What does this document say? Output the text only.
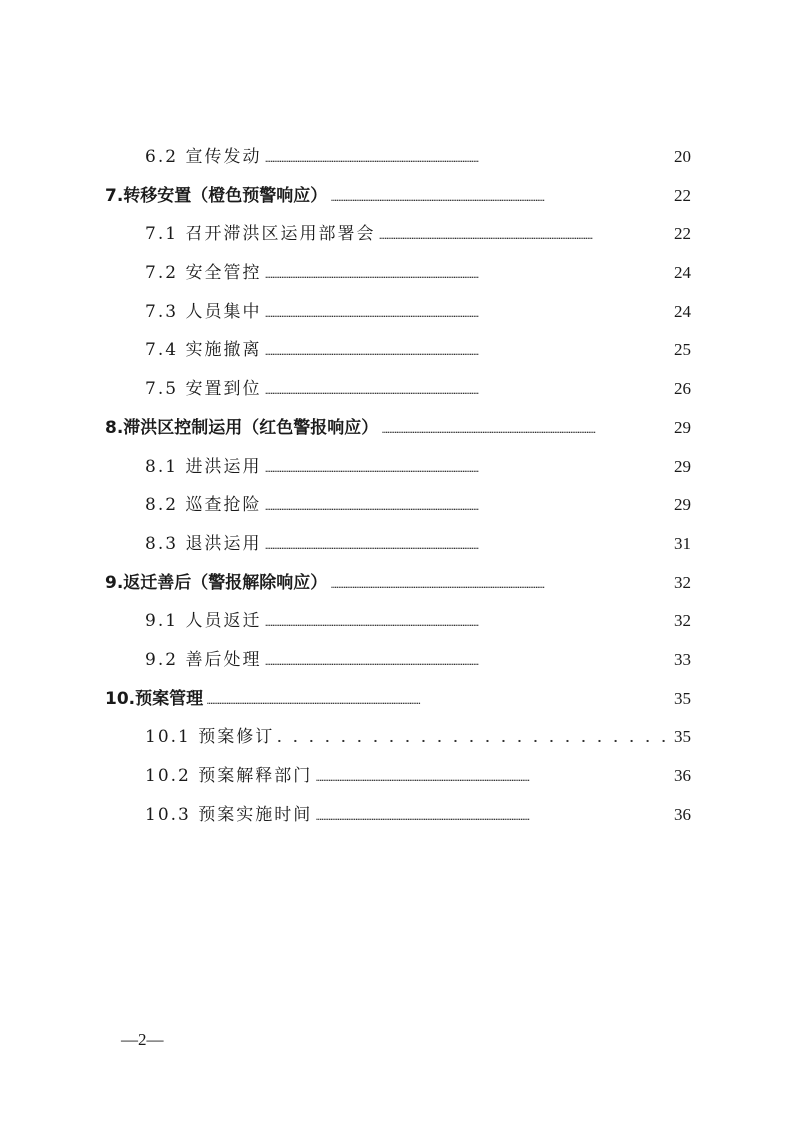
6.2 宣传发动 . . .	20
7.转移安置（橙色预警响应） . . .	22
7.1 召开滞洪区运用部署会 . . .	22
7.2 安全管控 . . .	24
7.3 人员集中 . . .	24
7.4 实施撤离 . . .	25
7.5 安置到位 . . .	26
8.滞洪区控制运用（红色警报响应） . . .	29
8.1 进洪运用 . . .	29
8.2 巡查抢险 . . .	29
8.3 退洪运用 . . .	31
9.返迁善后（警报解除响应） . . .	32
9.1 人员返迁 . . .	32
9.2 善后处理 . . .	33
10.预案管理 . . .	35
10.1 预案修订 . . .	35
10.2 预案解释部门 . . .	36
10.3 预案实施时间 . . .	36
—2—
